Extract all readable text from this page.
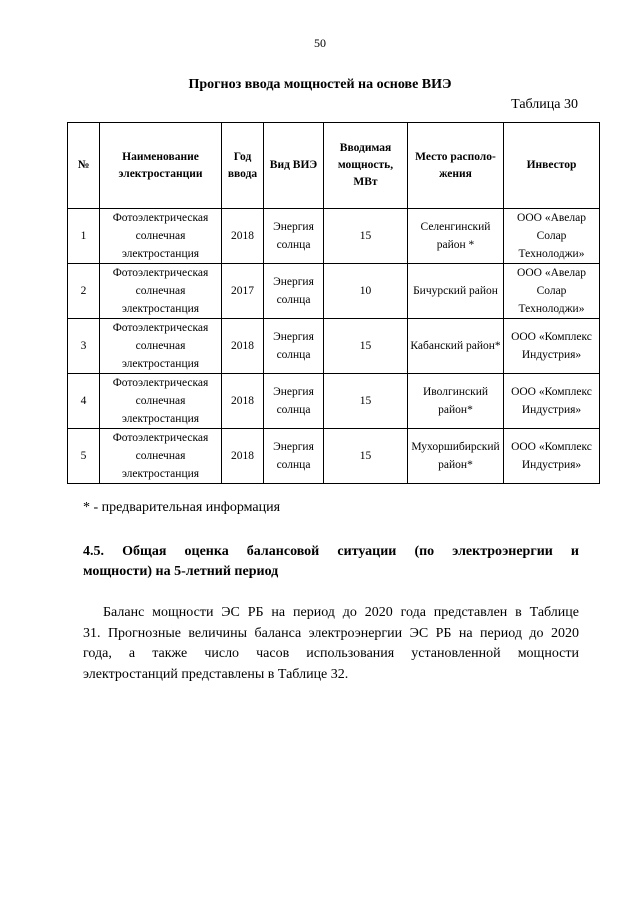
50
Прогноз ввода мощностей на основе ВИЭ
Таблица 30
№	Наименование электростанции	Год ввода	Вид ВИЭ	Вводимая мощность, МВт	Место располо-жения	Инвестор
1	Фотоэлектрическая солнечная электростанция	2018	Энергия солнца	15	Селенгинский район *	ООО «Авелар Солар Технолоджи»
2	Фотоэлектрическая солнечная электростанция	2017	Энергия солнца	10	Бичурский район	ООО «Авелар Солар Технолоджи»
3	Фотоэлектрическая солнечная электростанция	2018	Энергия солнца	15	Кабанский район*	ООО «Комплекс Индустрия»
4	Фотоэлектрическая солнечная электростанция	2018	Энергия солнца	15	Иволгинский район*	ООО «Комплекс Индустрия»
5	Фотоэлектрическая солнечная электростанция	2018	Энергия солнца	15	Мухоршибирский район*	ООО «Комплекс Индустрия»
* - предварительная информация
4.5. Общая оценка балансовой ситуации (по электроэнергии и
мощности) на 5-летний период
Баланс мощности ЭС РБ на период до 2020 года представлен в Таблице
31. Прогнозные величины баланса электроэнергии ЭС РБ на период до 2020
года, а также число часов использования установленной мощности
электростанций представлены в Таблице 32.
